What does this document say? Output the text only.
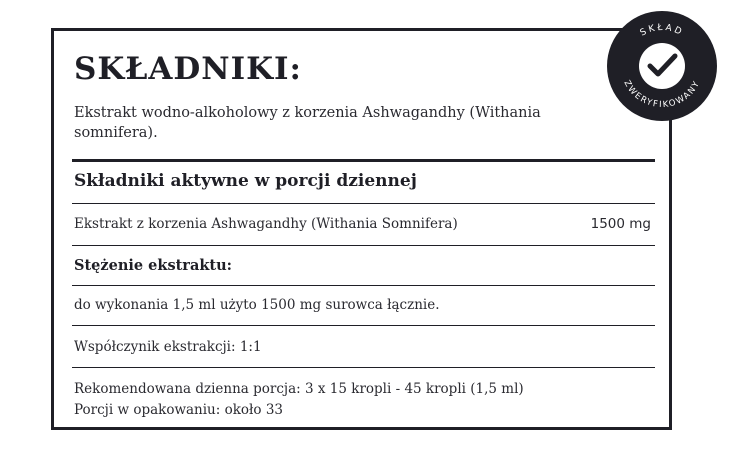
SKŁADNIKI:
Ekstrakt wodno-alkoholowy z korzenia Ashwagandhy (Withania somnifera).
Składniki aktywne w porcji dziennej
Ekstrakt z korzenia Ashwagandhy (Withania Somnifera)	1500 mg
Stężenie ekstraktu:
do wykonania 1,5 ml użyto 1500 mg surowca łącznie.
Współczynik ekstrakcji: 1:1
Rekomendowana dzienna porcja: 3 x 15 kropli - 45 kropli (1,5 ml)
Porcji w opakowaniu: około 33
SKŁAD
ZWERYFIKOWANY
